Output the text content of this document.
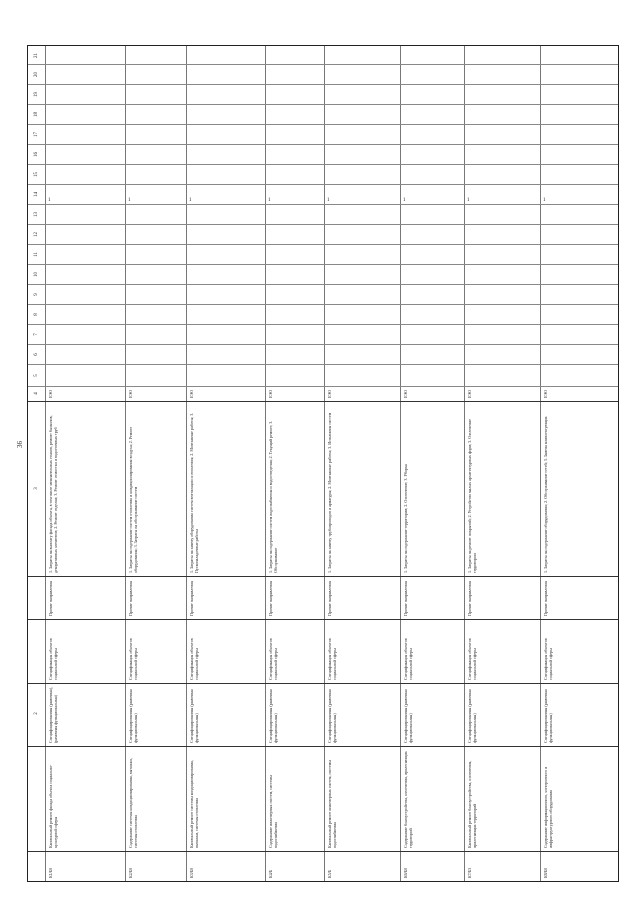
36
21
20
19
18
17
16
15
14
13
12
11
10
9
8
7
6
5
4
3
2
К1/Б0
Капитальный ремонт фасада объекта социально-культурной сферы
Специфицированная (рамочная), (рамочная функциональная)
Спецификация объектов социальной сферы
Прочие направления
1. Затраты на выплату фасада объекта, в том числе межпанельных стыков, ремонт балконов, декоративных элементов; 2. Ремонт отделки; 3. Ремонт отмостки и водосточных труб
ЕЭО
1
К2/Б0
Содержание системы кондиционирования, вытяжки, системы отопления
Специфицированная (рамочная функциональная)
Спецификация объектов социальной сферы
Прочие направления
1. Затраты на содержание систем отопления и кондиционирования воздуха; 2. Ремонт оборудования; 3. Затраты на обслуживание систем
ЕЭО
1
К3/Б0
Капитальный ремонт системы кондиционирования, вытяжки, системы отопления
Специфицированная (рамочная функциональная)
Спецификация объектов социальной сферы
Прочие направления
1. Затраты на замену оборудования систем вентиляции и отопления; 2. Монтажные работы; 3. Пусконаладочные работы
ЕЭО
1
К4/Б
Содержание инженерных систем, системы водоснабжения
Специфицированная (рамочная функциональная)
Спецификация объектов социальной сферы
Прочие направления
1. Затраты на содержание систем водоснабжения и водоотведения; 2. Текущий ремонт; 3. Обслуживание
ЕЭО
1
К5/Б
Капитальный ремонт инженерных систем, системы водоснабжения
Специфицированная (рамочная функциональная)
Спецификация объектов социальной сферы
Прочие направления
1. Затраты на замену трубопроводов и арматуры; 2. Монтажные работы; 3. Испытания систем
ЕЭО
1
К6/Б0
Содержание благоустройства, озеленения, прилегающих территорий
Специфицированная (рамочная функциональная)
Спецификация объектов социальной сферы
Прочие направления
1. Затраты на содержание территории; 2. Озеленение; 3. Уборка
ЕЭО
1
К7/Б3
Капитальный ремонт благоустройства, озеленения, прилегающих территорий
Специфицированная (рамочная функциональная)
Спецификация объектов социальной сферы
Прочие направления
1. Затраты на ремонт покрытий; 2. Устройство малых архитектурных форм; 3. Озеленение территории
ЕЭО
1
К8/Б0
Содержание информационного, электронного и инфраструктурного оборудования
Специфицированная (рамочная функциональная)
Спецификация объектов социальной сферы
Прочие направления
1. Затраты на содержание оборудования; 2. Обслуживание сетей; 3. Замена комплектующих
ЕЭО
1
